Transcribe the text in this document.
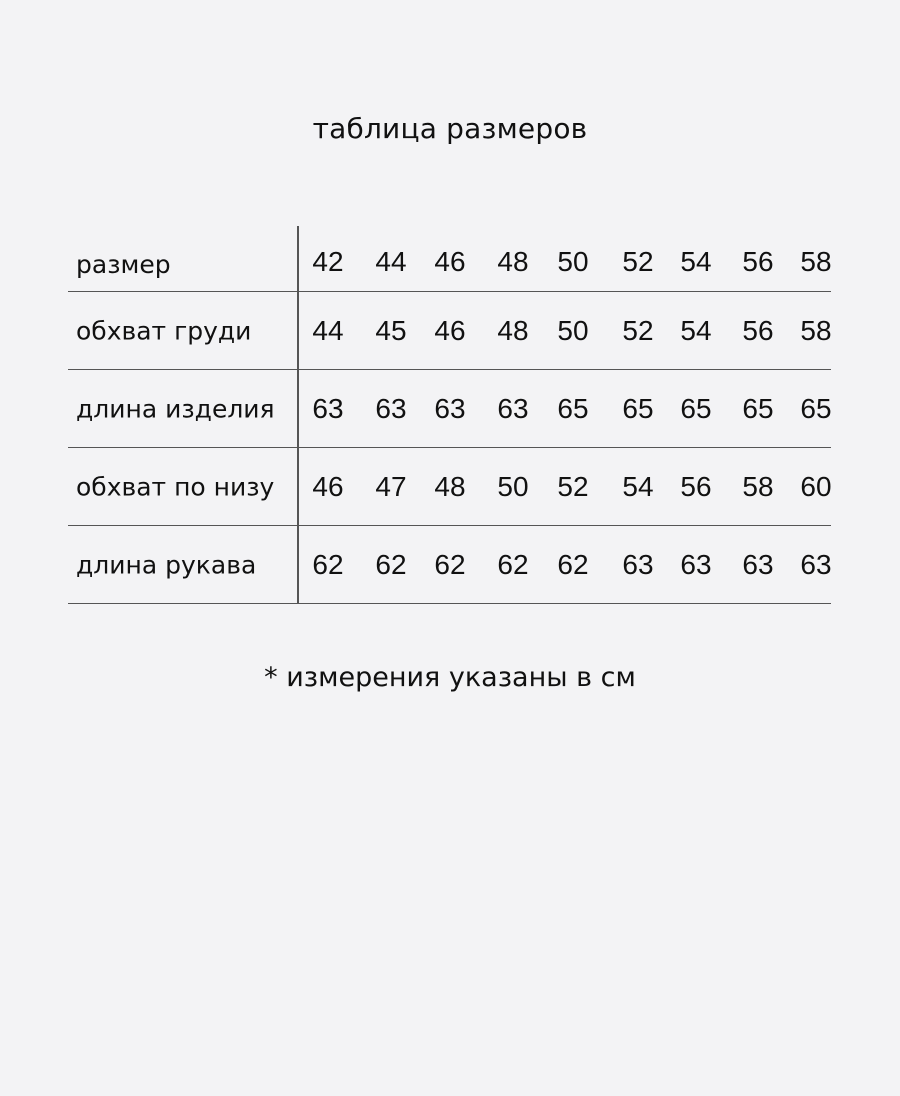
таблица размеров
размер	42 44 46 48 50 52 54 56 58
обхват груди 44 45 46 48 50 52 54 56 58
длина изделия 63 63 63 63 65 65 65 65 65
обхват по низу 46 47 48 50 52 54 56 58 60
длина рукава 62 62 62 62 62 63 63 63 63
* измерения указаны в см
